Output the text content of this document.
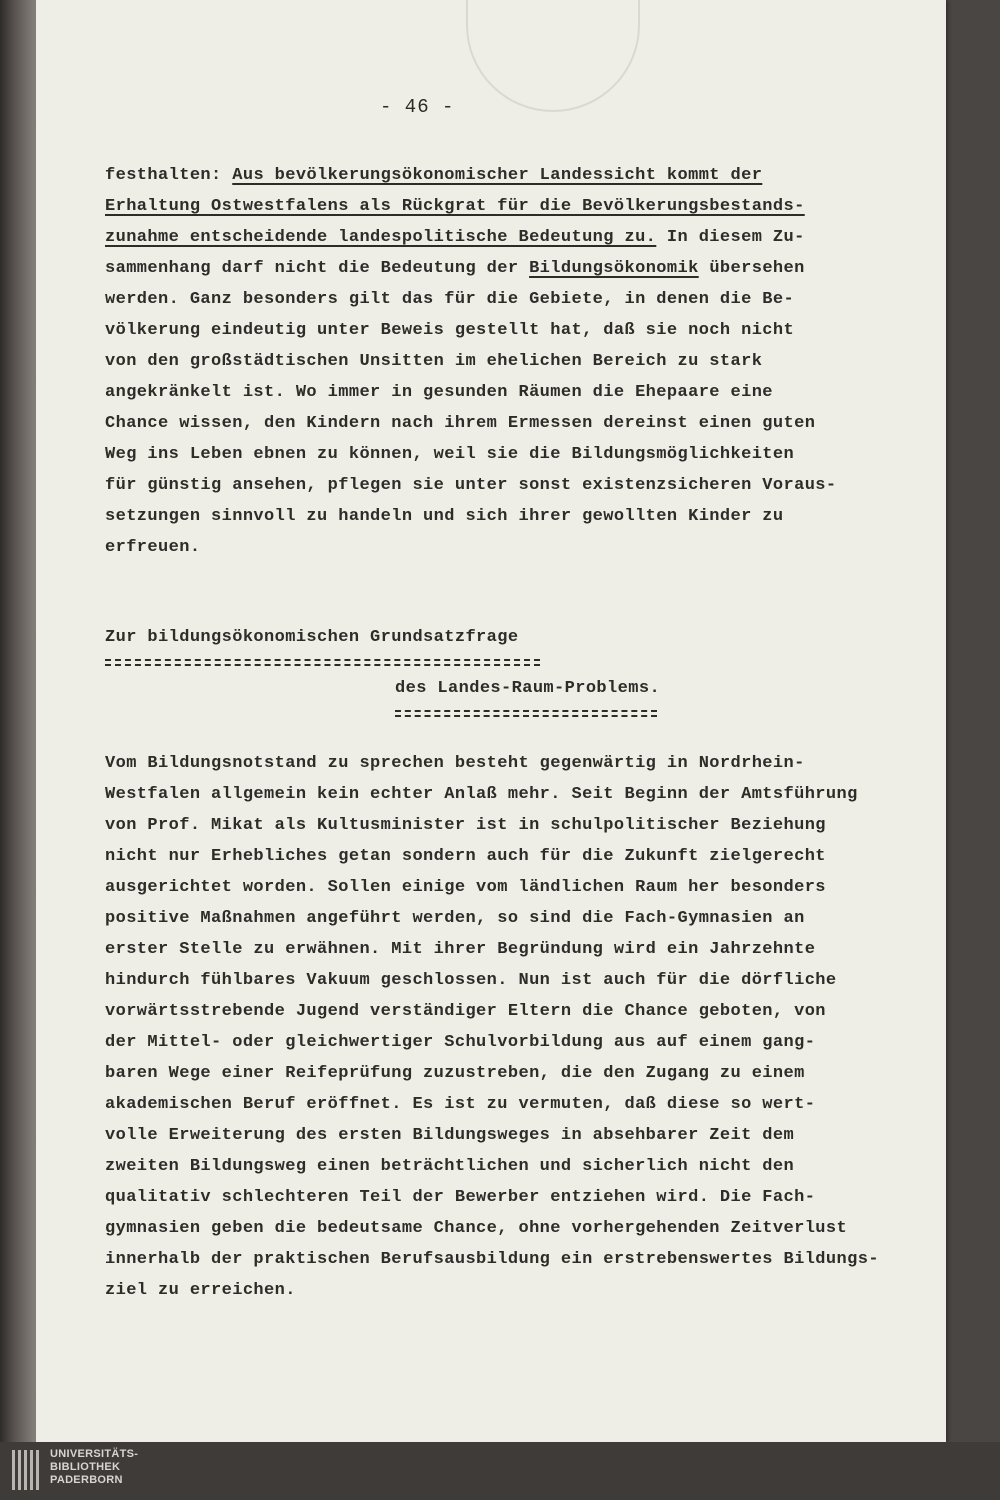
- 46 -
festhalten: Aus bevölkerungsökonomischer Landessicht kommt der
Erhaltung Ostwestfalens als Rückgrat für die Bevölkerungsbestands-
zunahme entscheidende landespolitische Bedeutung zu. In diesem Zu-
sammenhang darf nicht die Bedeutung der Bildungsökonomik übersehen
werden. Ganz besonders gilt das für die Gebiete, in denen die Be-
völkerung eindeutig unter Beweis gestellt hat, daß sie noch nicht
von den großstädtischen Unsitten im ehelichen Bereich zu stark
angekränkelt ist. Wo immer in gesunden Räumen die Ehepaare eine
Chance wissen, den Kindern nach ihrem Ermessen dereinst einen guten
Weg ins Leben ebnen zu können, weil sie die Bildungsmöglichkeiten
für günstig ansehen, pflegen sie unter sonst existenzsicheren Voraus-
setzungen sinnvoll zu handeln und sich ihrer gewollten Kinder zu
erfreuen.
Zur bildungsökonomischen Grundsatzfrage
des Landes-Raum-Problems.
Vom Bildungsnotstand zu sprechen besteht gegenwärtig in Nordrhein-
Westfalen allgemein kein echter Anlaß mehr. Seit Beginn der Amtsführung
von Prof. Mikat als Kultusminister ist in schulpolitischer Beziehung
nicht nur Erhebliches getan sondern auch für die Zukunft zielgerecht
ausgerichtet worden. Sollen einige vom ländlichen Raum her besonders
positive Maßnahmen angeführt werden, so sind die Fach-Gymnasien an
erster Stelle zu erwähnen. Mit ihrer Begründung wird ein Jahrzehnte
hindurch fühlbares Vakuum geschlossen. Nun ist auch für die dörfliche
vorwärtsstrebende Jugend verständiger Eltern die Chance geboten, von
der Mittel- oder gleichwertiger Schulvorbildung aus auf einem gang-
baren Wege einer Reifeprüfung zuzustreben, die den Zugang zu einem
akademischen Beruf eröffnet. Es ist zu vermuten, daß diese so wert-
volle Erweiterung des ersten Bildungsweges in absehbarer Zeit dem
zweiten Bildungsweg einen beträchtlichen und sicherlich nicht den
qualitativ schlechteren Teil der Bewerber entziehen wird. Die Fach-
gymnasien geben die bedeutsame Chance, ohne vorhergehenden Zeitverlust
innerhalb der praktischen Berufsausbildung ein erstrebenswertes Bildungs-
ziel zu erreichen.
UNIVERSITÄTS-
BIBLIOTHEK
PADERBORN
